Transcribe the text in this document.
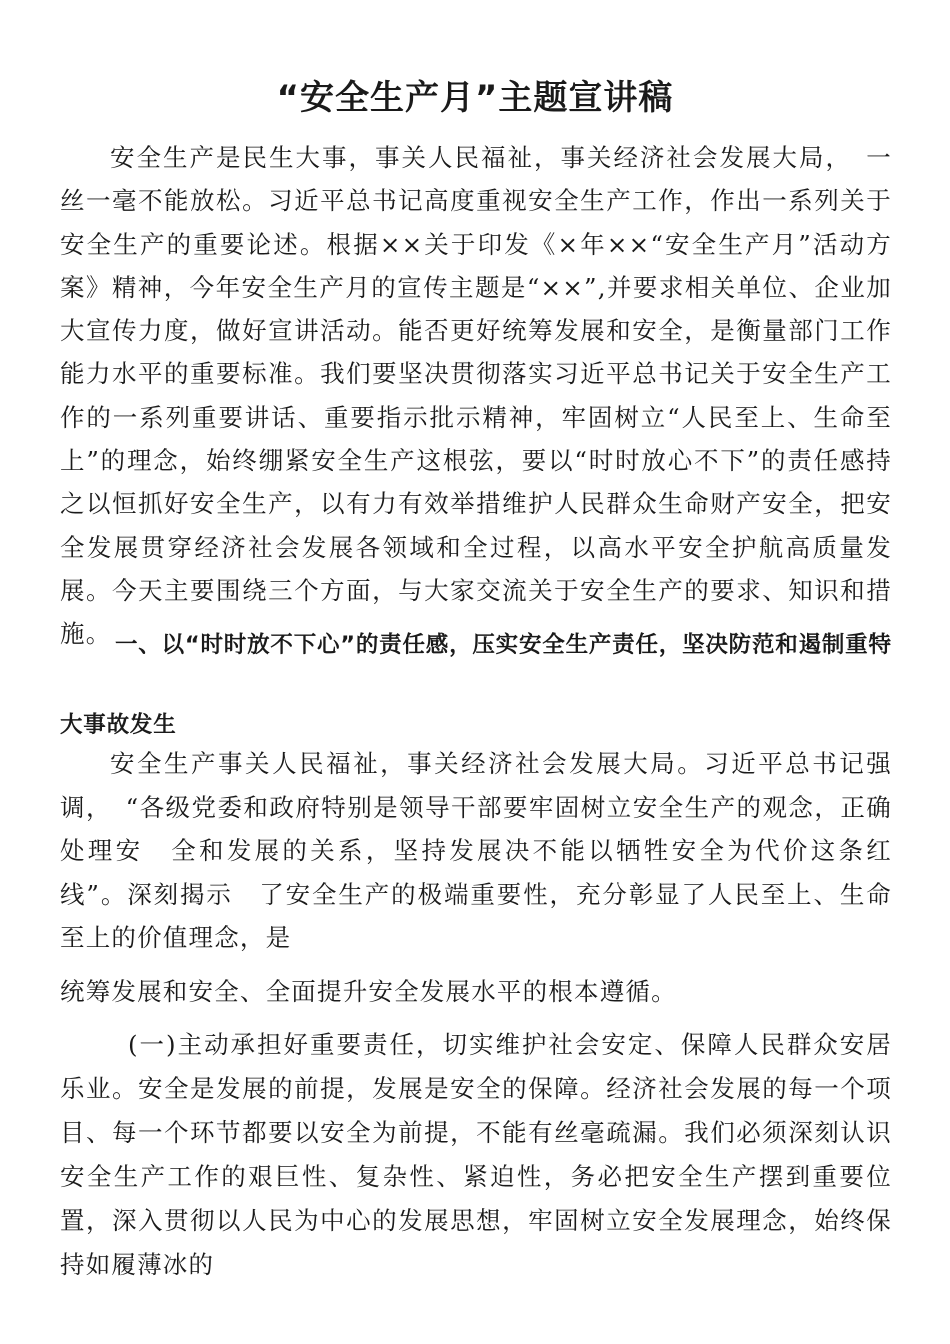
“安全生产月”主题宣讲稿
安全生产是民生大事，事关人民福祉，事关经济社会发展大局，　一丝一毫不能放松。习近平总书记高度重视安全生产工作，作出一系列关于安全生产的重要论述。根据××关于印发《×年××“安全生产月”活动方案》精神，今年安全生产月的宣传主题是“××”,并要求相关单位、企业加大宣传力度，做好宣讲活动。能否更好统筹发展和安全，是衡量部门工作能力水平的重要标准。我们要坚决贯彻落实习近平总书记关于安全生产工作的一系列重要讲话、重要指示批示精神，牢固树立“人民至上、生命至上”的理念，始终绷紧安全生产这根弦，要以“时时放心不下”的责任感持之以恒抓好安全生产，以有力有效举措维护人民群众生命财产安全，把安全发展贯穿经济社会发展各领域和全过程，以高水平安全护航高质量发展。今天主要围绕三个方面，与大家交流关于安全生产的要求、知识和措施。 一、以“时时放不下心”的责任感，压实安全生产责任，坚决防范和遏制重特大事故发生
安全生产事关人民福祉，事关经济社会发展大局。习近平总书记强调，　“各级党委和政府特别是领导干部要牢固树立安全生产的观念，正确处理安　全和发展的关系，坚持发展决不能以牺牲安全为代价这条红线”。深刻揭示　了安全生产的极端重要性，充分彰显了人民至上、生命至上的价值理念，是
统筹发展和安全、全面提升安全发展水平的根本遵循。
(一)主动承担好重要责任，切实维护社会安定、保障人民群众安居乐业。安全是发展的前提，发展是安全的保障。经济社会发展的每一个项目、每一个环节都要以安全为前提，不能有丝毫疏漏。我们必须深刻认识安全生产工作的艰巨性、复杂性、紧迫性，务必把安全生产摆到重要位置，深入贯彻以人民为中心的发展思想，牢固树立安全发展理念，始终保持如履薄冰的
